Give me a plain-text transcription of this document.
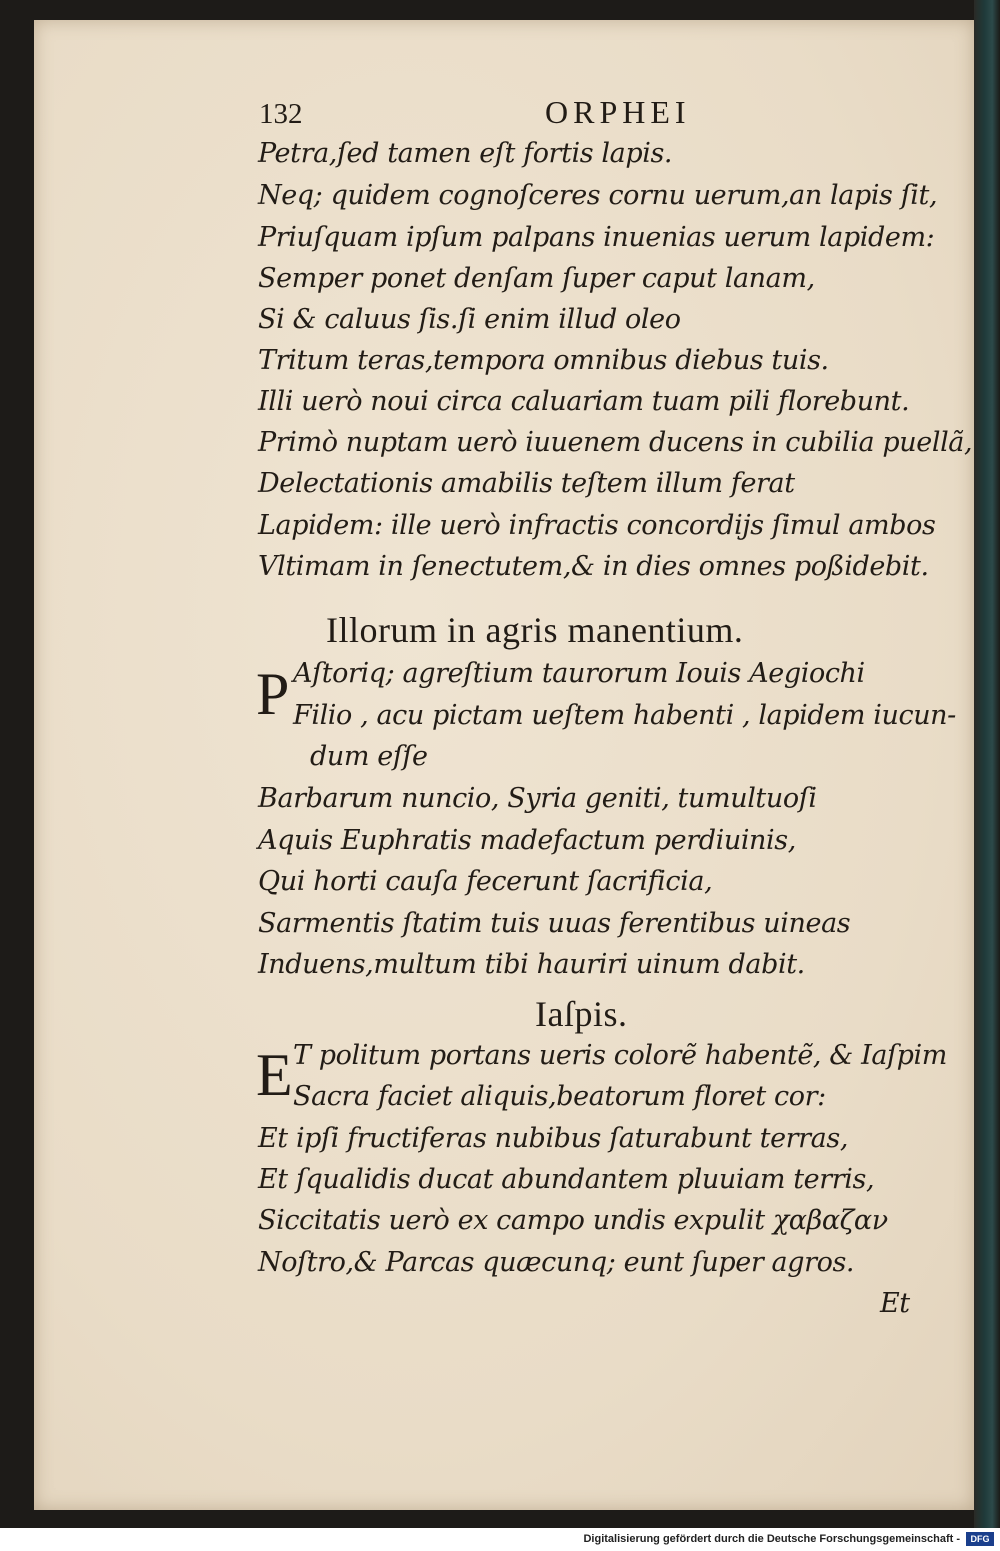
132	ORPHEI
Petra,ſed tamen eſt fortis lapis.
Neq; quidem cognoſceres cornu uerum,an lapis ſit,
Priuſquam ipſum palpans inuenias uerum lapidem:
Semper ponet denſam ſuper caput lanam,
Si & caluus ſis.ſi enim illud oleo
Tritum teras,tempora omnibus diebus tuis.
Illi uerò noui circa caluariam tuam pili florebunt.
Primò nuptam uerò iuuenem ducens in cubilia puellã,
Delectationis amabilis teſtem illum ferat
Lapidem: ille uerò infractis concordijs ſimul ambos
Vltimam in ſenectutem,& in dies omnes poßidebit.
Illorum in agris manentium.
P Aſtoriq; agreſtium taurorum Iouis Aegiochi
Filio , acu pictam ueſtem habenti , lapidem iucun-
dum eſſe
Barbarum nuncio, Syria geniti, tumultuoſi
Aquis Euphratis madefactum perdiuinis,
Qui horti cauſa fecerunt ſacrificia,
Sarmentis ſtatim tuis uuas ferentibus uineas
Induens,multum tibi hauriri uinum dabit.
Iaſpis.
E T politum portans ueris colorẽ habentẽ, & Iaſpim
Sacra faciet aliquis,beatorum floret cor:
Et ipſi fructiferas nubibus ſaturabunt terras,
Et ſqualidis ducat abundantem pluuiam terris,
Siccitatis uerò ex campo undis expulit χαβαζαν
Noſtro,& Parcas quæcunq; eunt ſuper agros.
Et
Digitalisierung gefördert durch die Deutsche Forschungsgemeinschaft -	DFG
